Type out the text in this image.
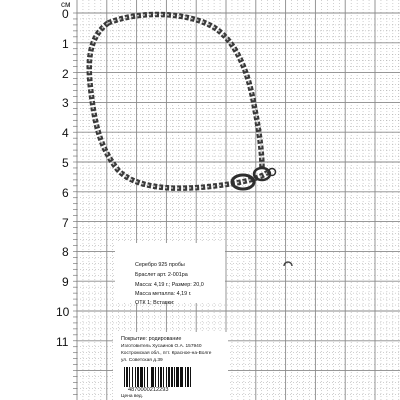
см
0
1
2
3
4
5
6
7
8
9
10
11
Серебро 925 пробы
Браслет арт. 2-001ра
Масса: 4,19 г.; Размер: 20,0
Масса металла: 4,19 г.
ОТК 1; Вставки:
Покрытие: родирование
Изготовитель Хусаинов О.А. 157940
Костромская обл., пгт. Красное-на-Волге
ул. Советская д.39
4870000212293
Цена вед.
